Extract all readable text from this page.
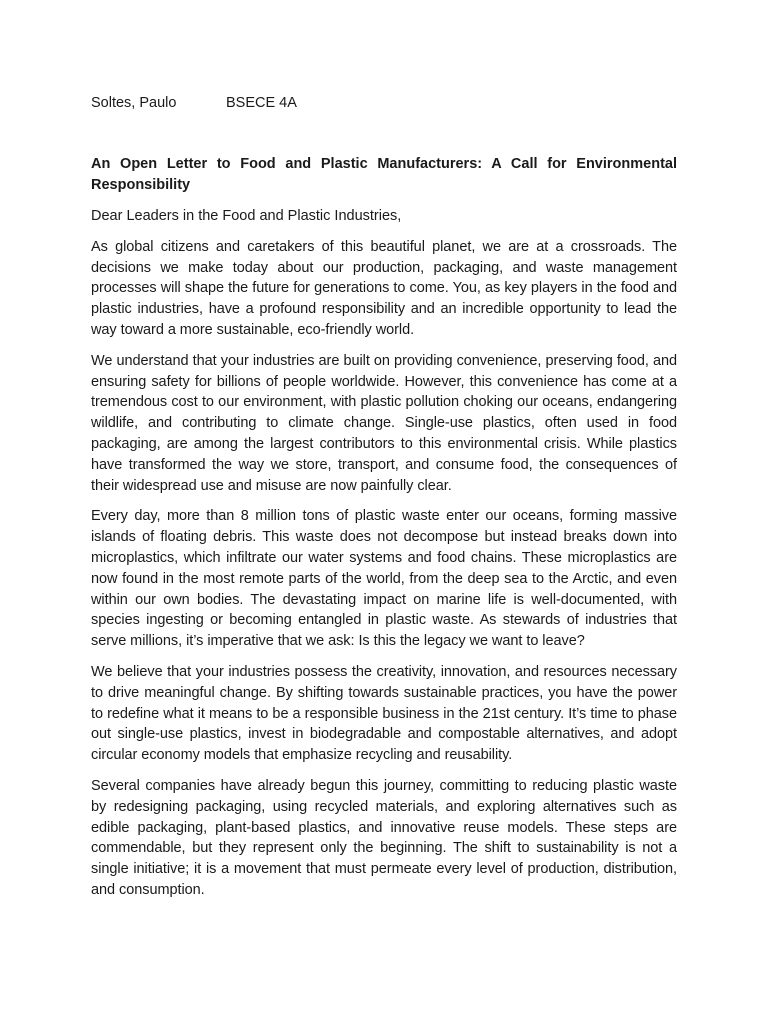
Soltes, Paulo	BSECE 4A

An Open Letter to Food and Plastic Manufacturers: A Call for Environmental Responsibility

Dear Leaders in the Food and Plastic Industries,

As global citizens and caretakers of this beautiful planet, we are at a crossroads. The decisions we make today about our production, packaging, and waste management processes will shape the future for generations to come. You, as key players in the food and plastic industries, have a profound responsibility and an incredible opportunity to lead the way toward a more sustainable, eco-friendly world.

We understand that your industries are built on providing convenience, preserving food, and ensuring safety for billions of people worldwide. However, this convenience has come at a tremendous cost to our environment, with plastic pollution choking our oceans, endangering wildlife, and contributing to climate change. Single-use plastics, often used in food packaging, are among the largest contributors to this environmental crisis. While plastics have transformed the way we store, transport, and consume food, the consequences of their widespread use and misuse are now painfully clear.

Every day, more than 8 million tons of plastic waste enter our oceans, forming massive islands of floating debris. This waste does not decompose but instead breaks down into microplastics, which infiltrate our water systems and food chains. These microplastics are now found in the most remote parts of the world, from the deep sea to the Arctic, and even within our own bodies. The devastating impact on marine life is well-documented, with species ingesting or becoming entangled in plastic waste. As stewards of industries that serve millions, it’s imperative that we ask: Is this the legacy we want to leave?

We believe that your industries possess the creativity, innovation, and resources necessary to drive meaningful change. By shifting towards sustainable practices, you have the power to redefine what it means to be a responsible business in the 21st century. It’s time to phase out single-use plastics, invest in biodegradable and compostable alternatives, and adopt circular economy models that emphasize recycling and reusability.

Several companies have already begun this journey, committing to reducing plastic waste by redesigning packaging, using recycled materials, and exploring alternatives such as edible packaging, plant-based plastics, and innovative reuse models. These steps are commendable, but they represent only the beginning. The shift to sustainability is not a single initiative; it is a movement that must permeate every level of production, distribution, and consumption.
